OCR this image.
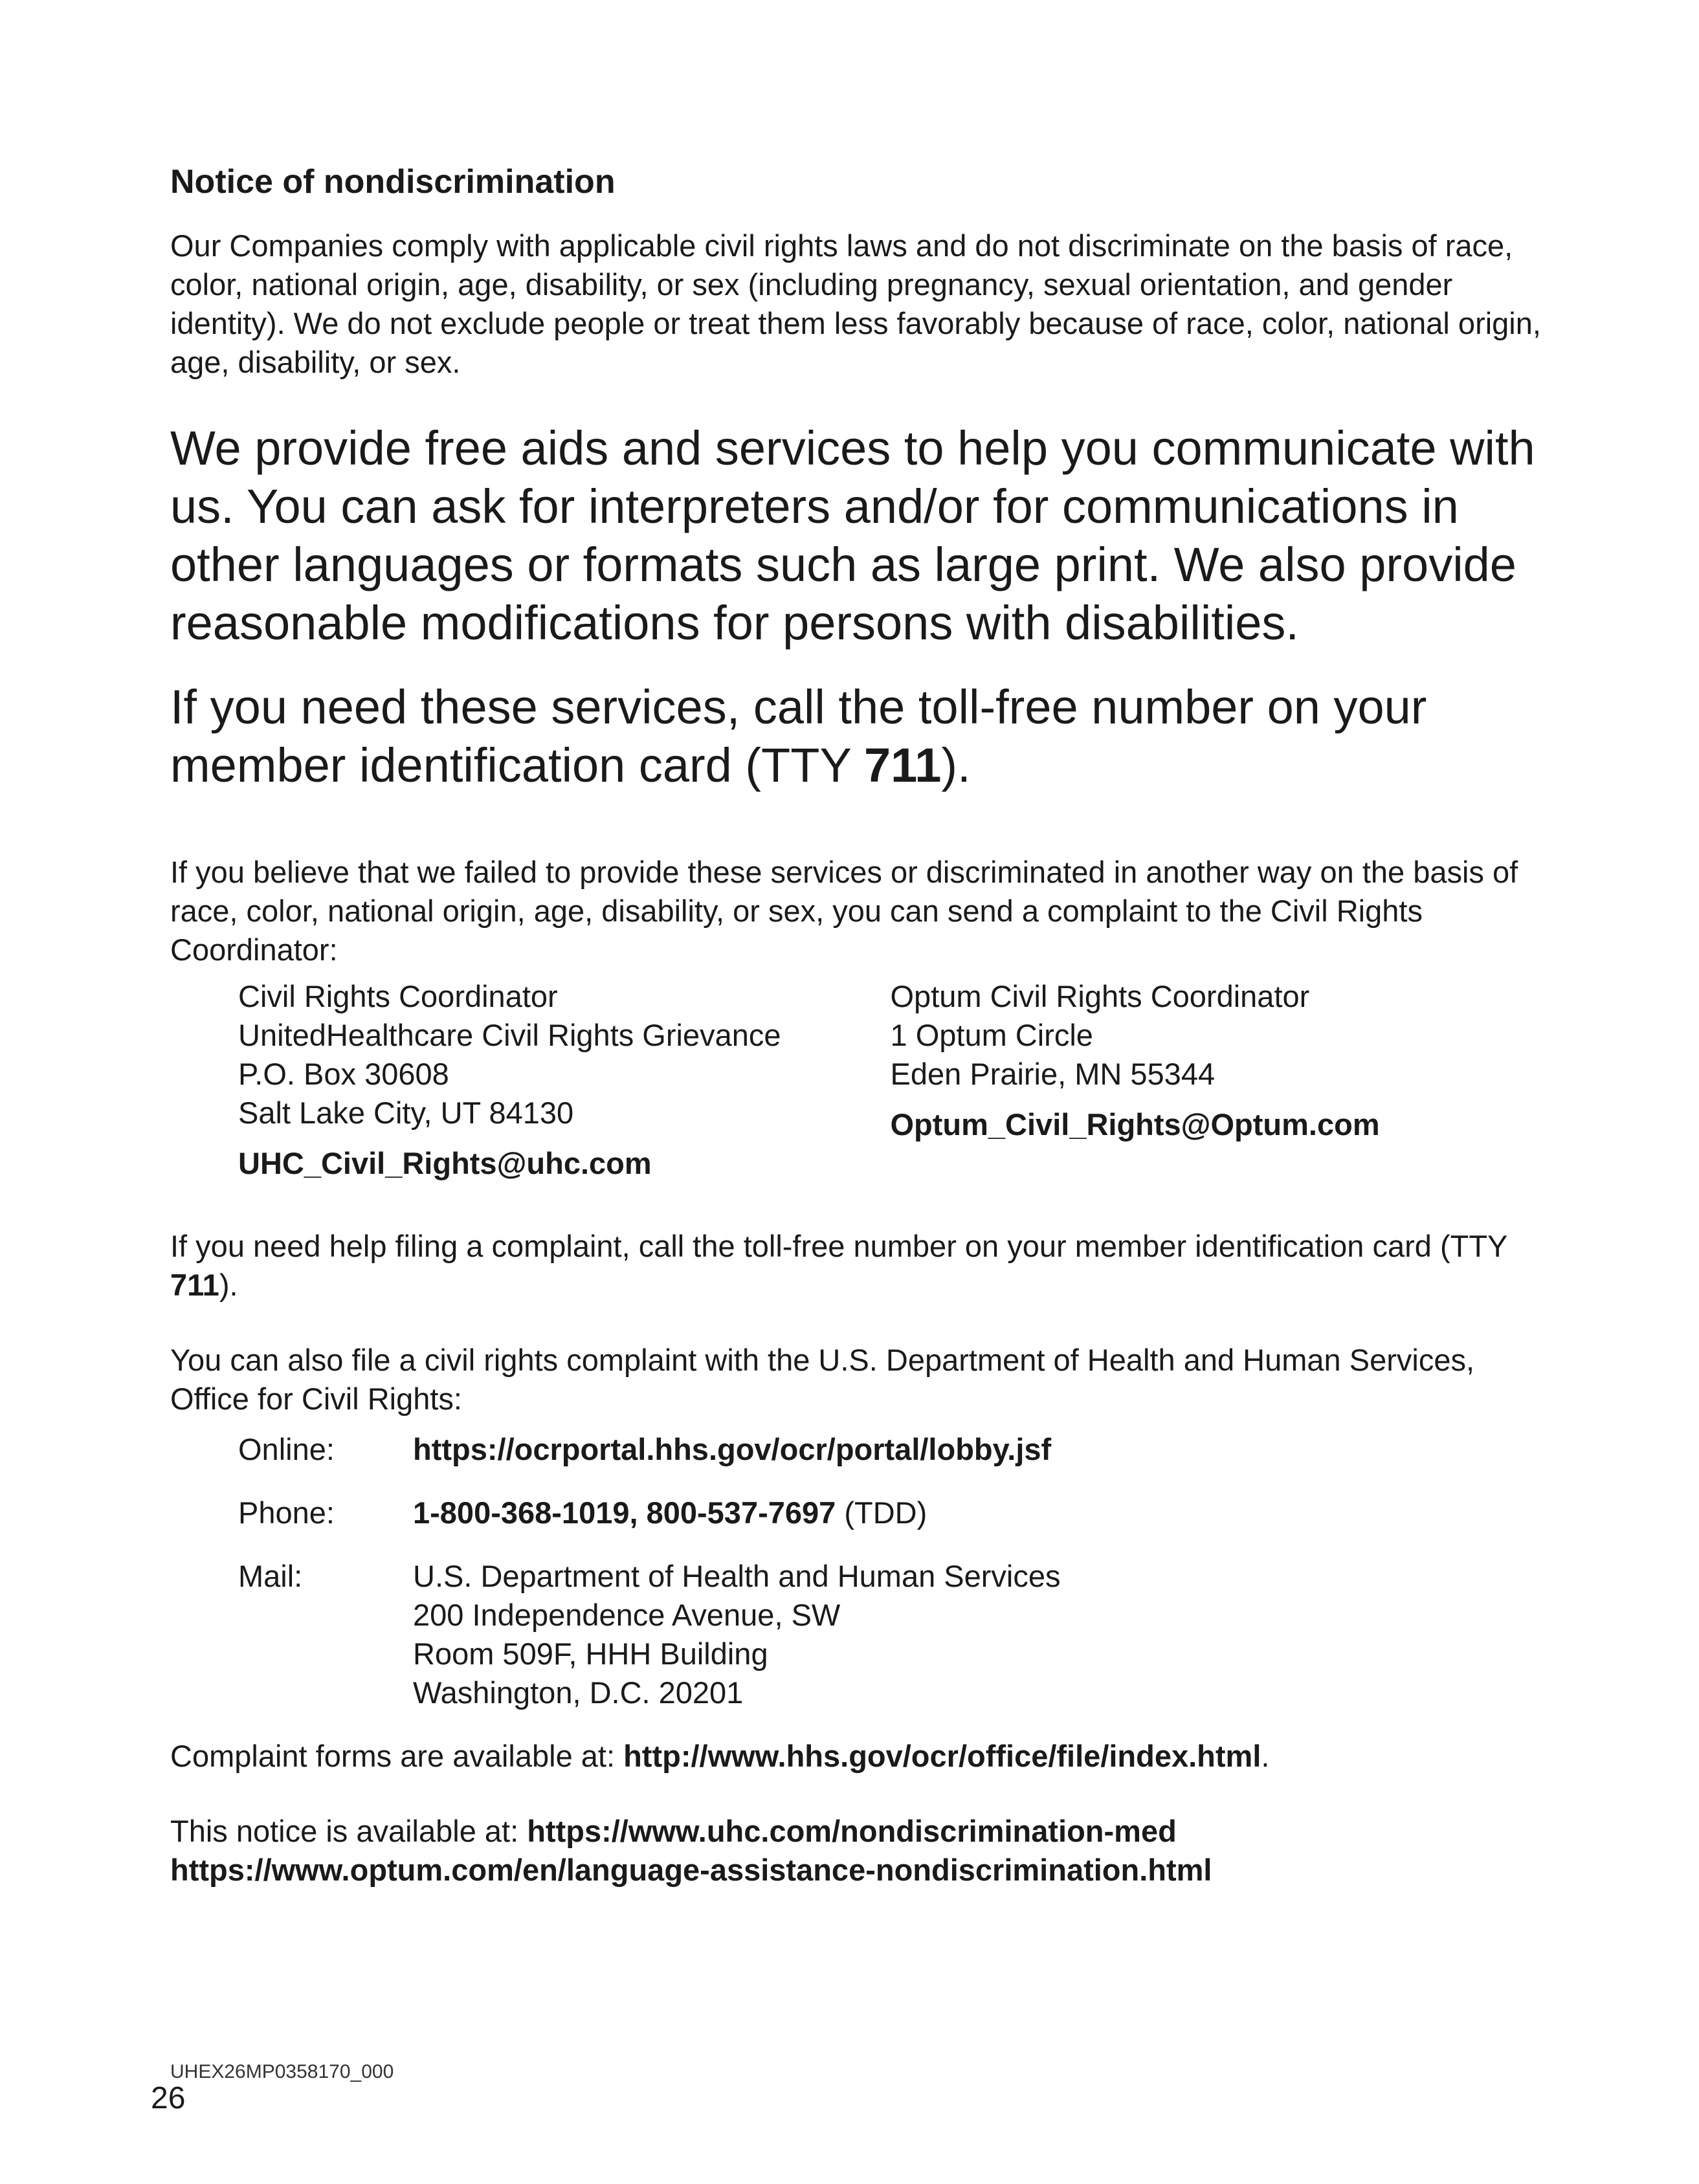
Notice of nondiscrimination

Our Companies comply with applicable civil rights laws and do not discriminate on the basis of race, color, national origin, age, disability, or sex (including pregnancy, sexual orientation, and gender identity). We do not exclude people or treat them less favorably because of race, color, national origin, age, disability, or sex.

We provide free aids and services to help you communicate with us. You can ask for interpreters and/or for communications in other languages or formats such as large print. We also provide reasonable modifications for persons with disabilities.

If you need these services, call the toll-free number on your member identification card (TTY 711).

If you believe that we failed to provide these services or discriminated in another way on the basis of race, color, national origin, age, disability, or sex, you can send a complaint to the Civil Rights Coordinator:

Civil Rights Coordinator
UnitedHealthcare Civil Rights Grievance
P.O. Box 30608
Salt Lake City, UT 84130
UHC_Civil_Rights@uhc.com
Optum Civil Rights Coordinator
1 Optum Circle
Eden Prairie, MN 55344
Optum_Civil_Rights@Optum.com

If you need help filing a complaint, call the toll-free number on your member identification card (TTY 711).

You can also file a civil rights complaint with the U.S. Department of Health and Human Services, Office for Civil Rights:

Online:	https://ocrportal.hhs.gov/ocr/portal/lobby.jsf
Phone:	1-800-368-1019, 800-537-7697 (TDD)
Mail:	U.S. Department of Health and Human Services
200 Independence Avenue, SW
Room 509F, HHH Building
Washington, D.C. 20201

Complaint forms are available at: http://www.hhs.gov/ocr/office/file/index.html.

This notice is available at: https://www.uhc.com/nondiscrimination-med
https://www.optum.com/en/language-assistance-nondiscrimination.html

UHEX26MP0358170_000
26
